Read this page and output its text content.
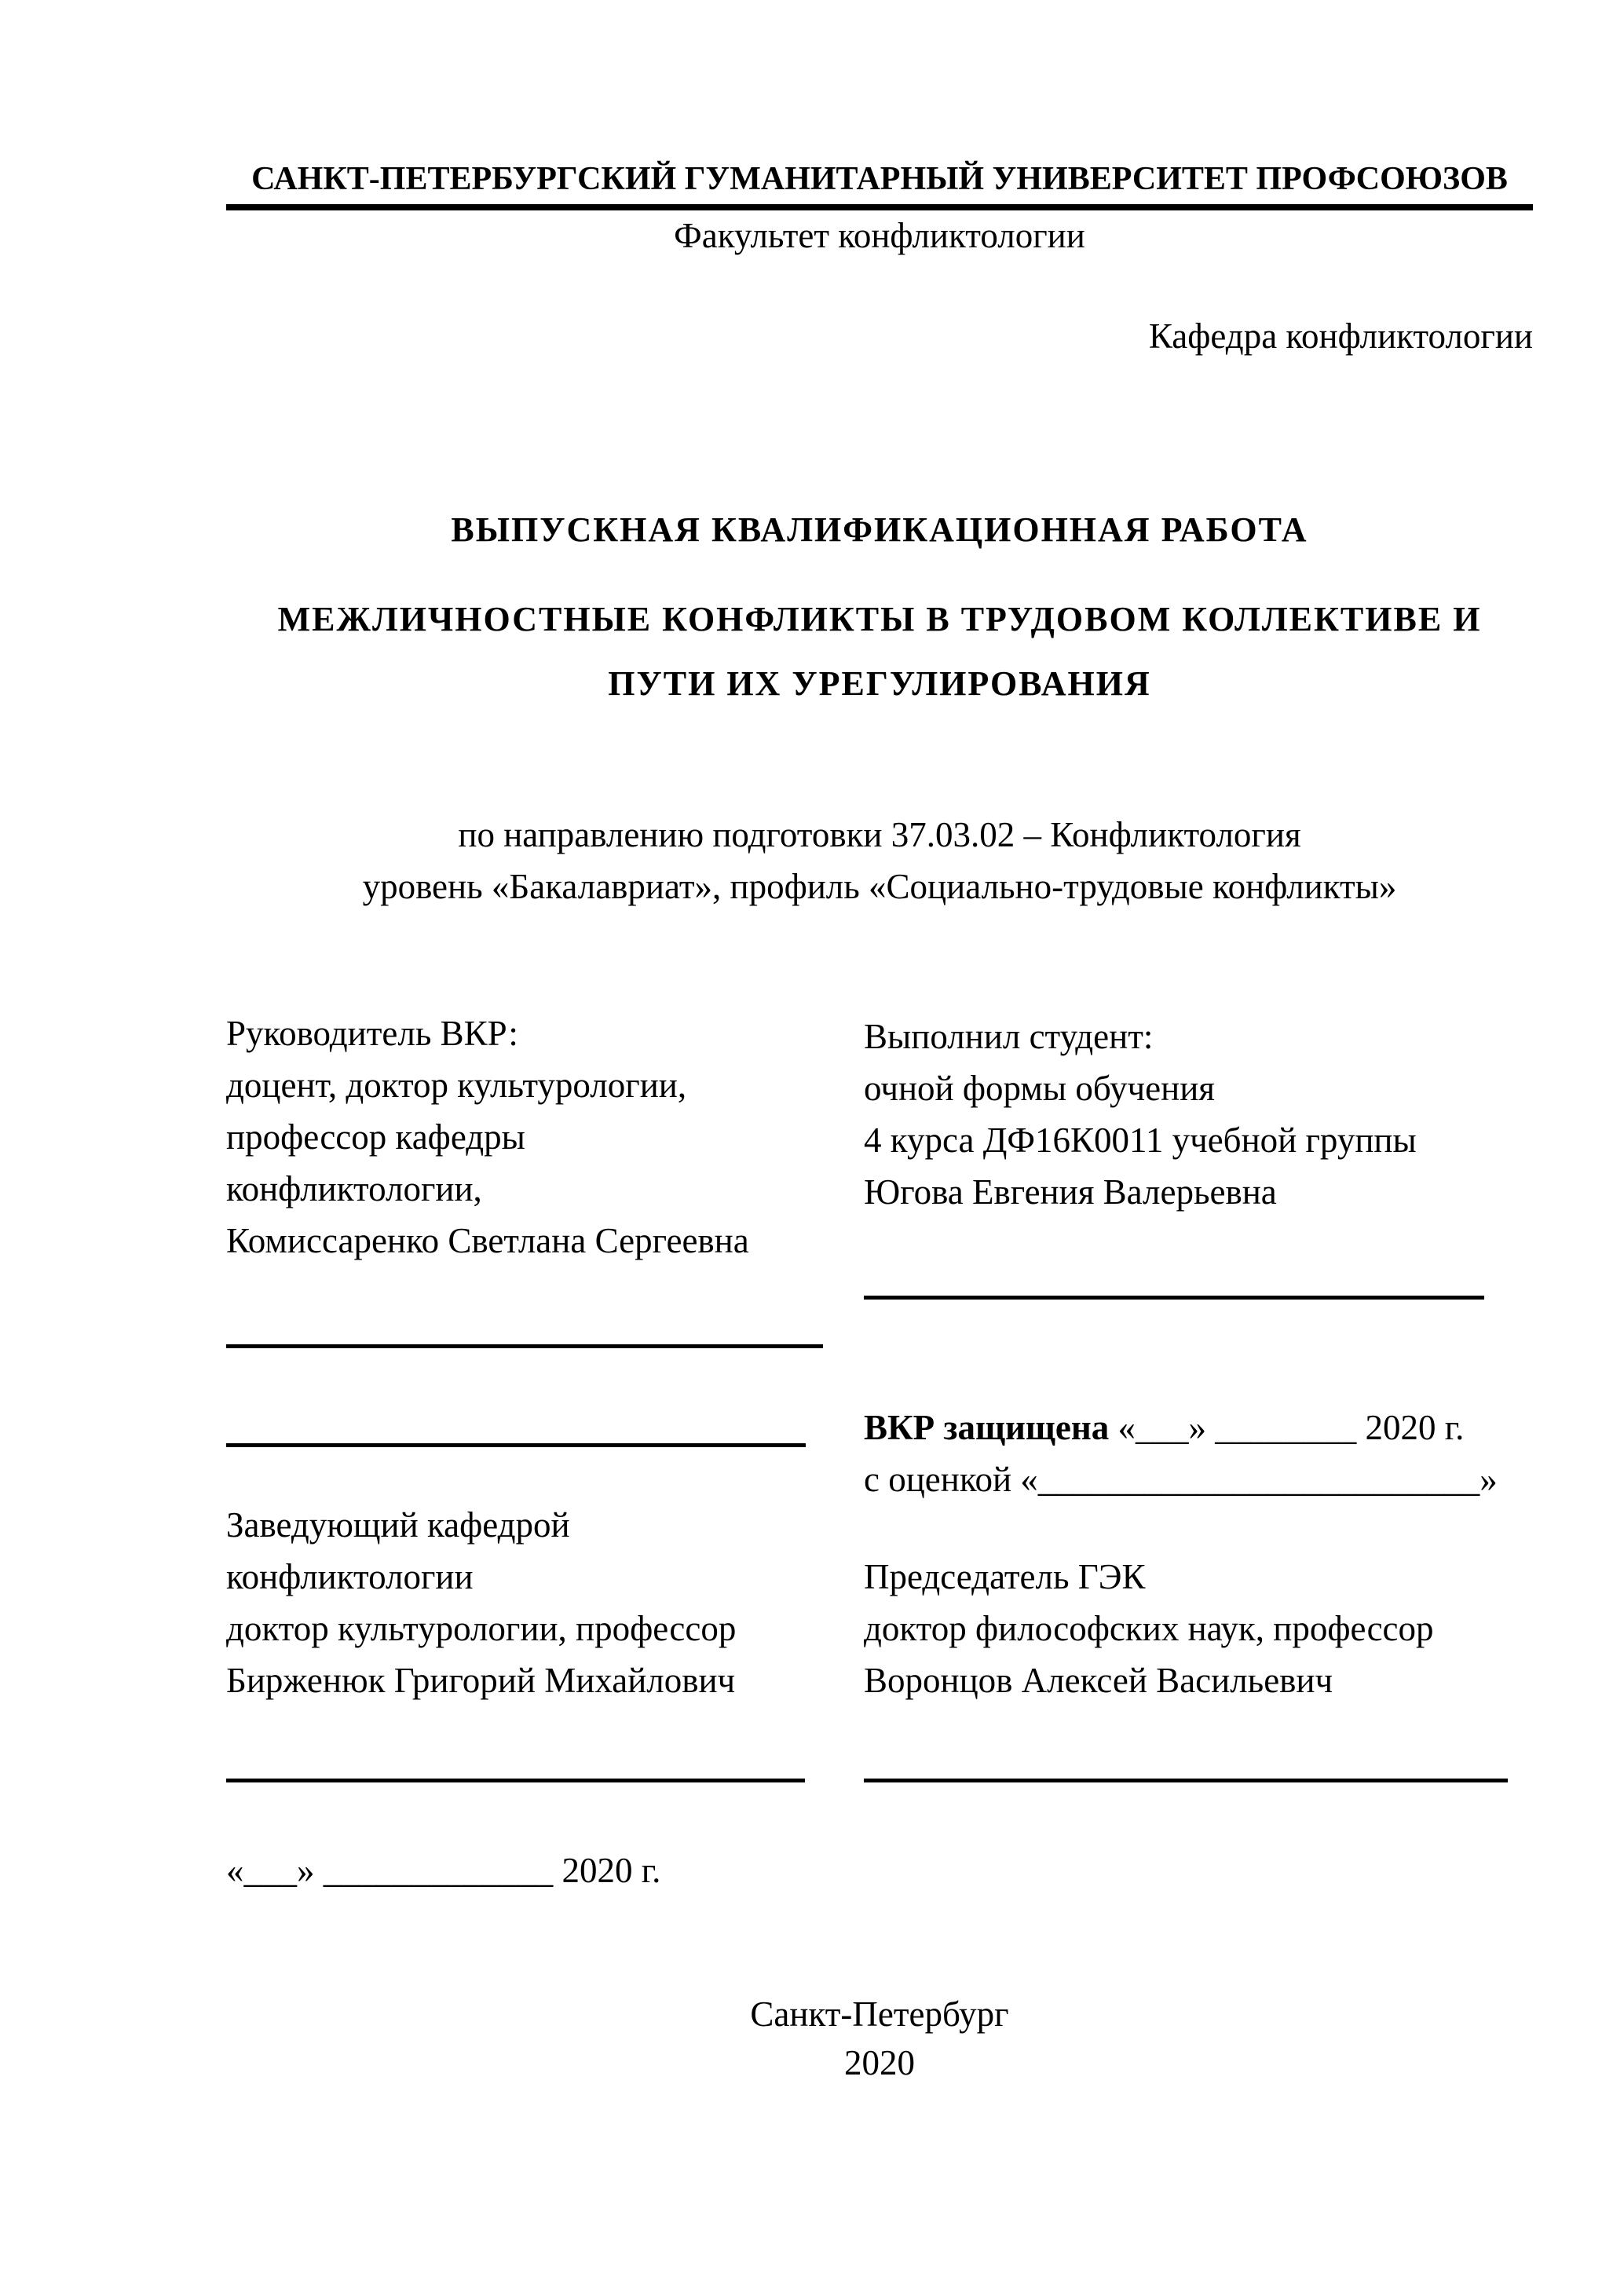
САНКТ-ПЕТЕРБУРГСКИЙ ГУМАНИТАРНЫЙ УНИВЕРСИТЕТ ПРОФСОЮЗОВ
Факультет конфликтологии
Кафедра конфликтологии
ВЫПУСКНАЯ КВАЛИФИКАЦИОННАЯ РАБОТА
МЕЖЛИЧНОСТНЫЕ КОНФЛИКТЫ В ТРУДОВОМ КОЛЛЕКТИВЕ И
ПУТИ ИХ УРЕГУЛИРОВАНИЯ
по направлению подготовки 37.03.02 – Конфликтология
уровень «Бакалавриат», профиль «Социально-трудовые конфликты»
Руководитель ВКР:
доцент, доктор культурологии,
профессор кафедры
конфликтологии,
Комиссаренко Светлана Сергеевна
Выполнил студент:
очной формы обучения
4 курса ДФ16К0011 учебной группы
Югова Евгения Валерьевна
ВКР защищена «___» ________ 2020 г.
с оценкой «_________________________»
Заведующий кафедрой
конфликтологии
доктор культурологии, профессор
Бирженюк Григорий Михайлович
Председатель ГЭК
доктор философских наук, профессор
Воронцов Алексей Васильевич
«___» _____________ 2020 г.
Санкт-Петербург
2020
